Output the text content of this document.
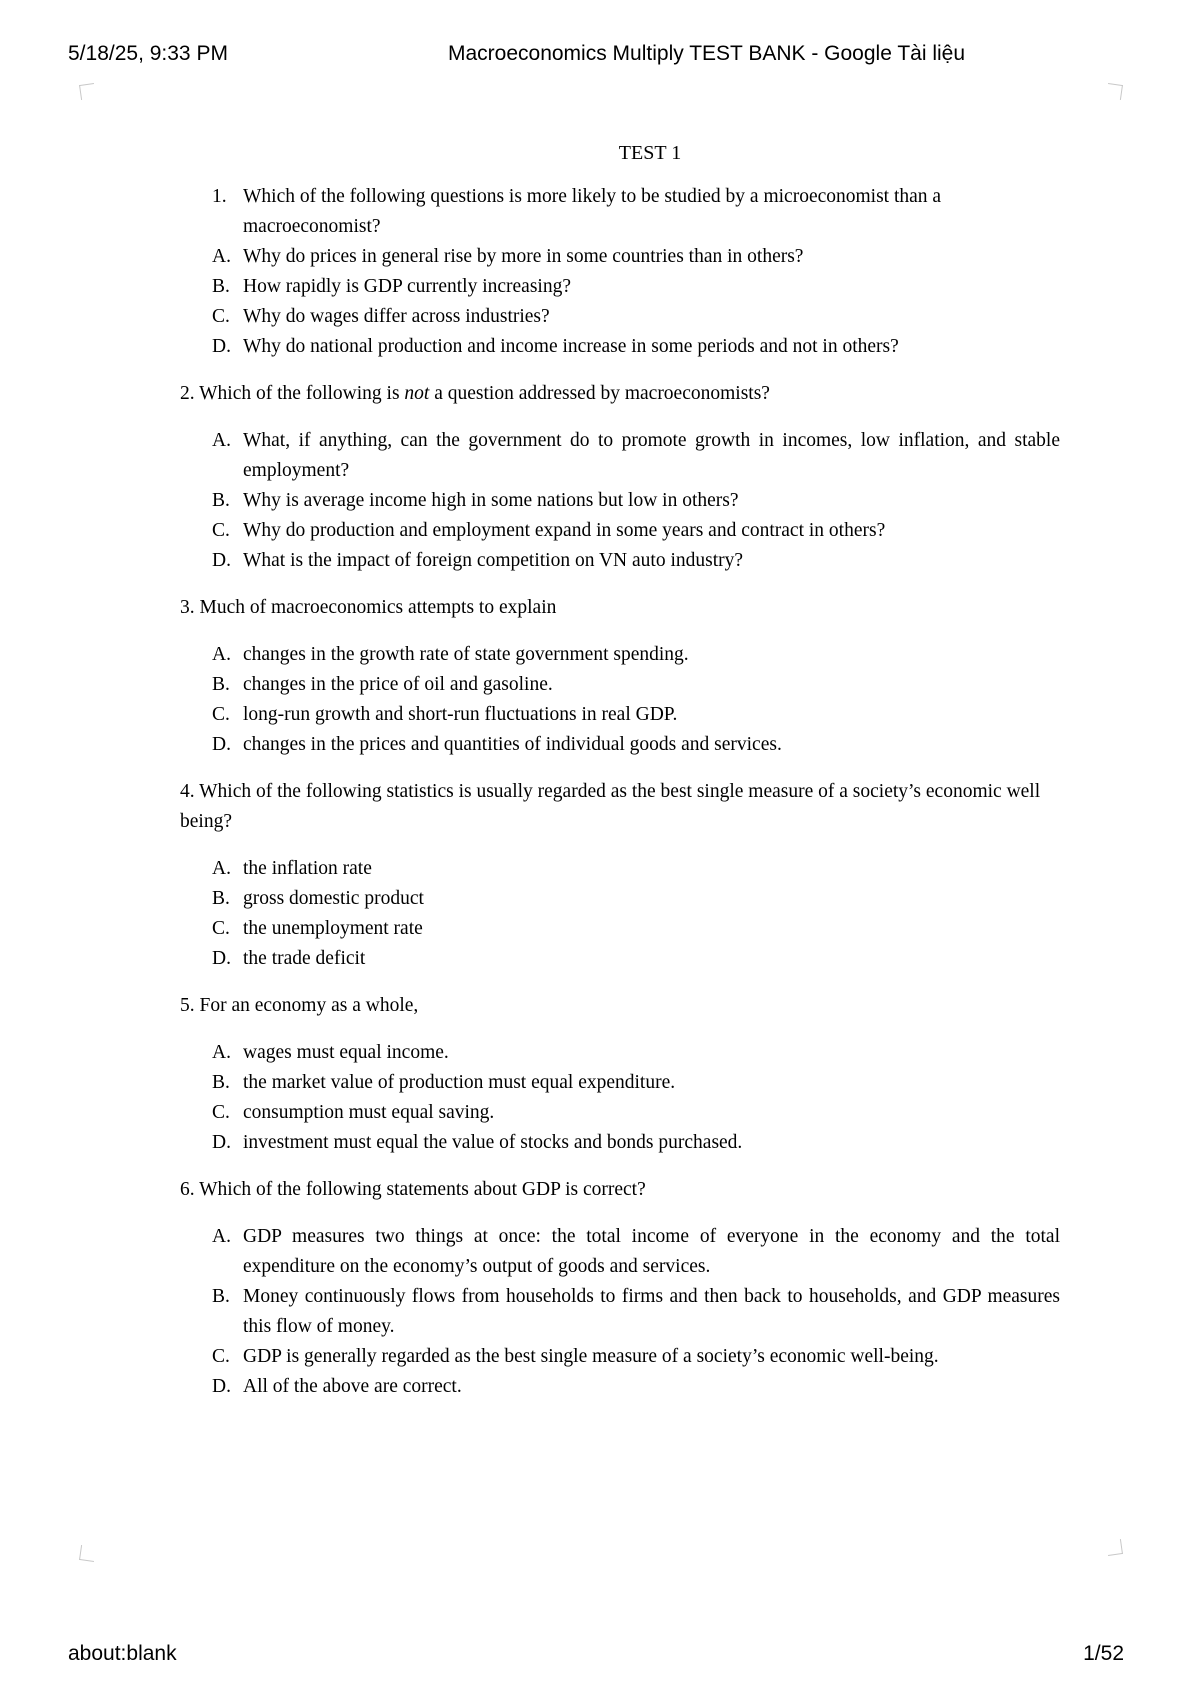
5/18/25, 9:33 PM	Macroeconomics Multiply TEST BANK - Google Tài liệu
TEST 1

1. Which of the following questions is more likely to be studied by a microeconomist than a macroeconomist?

A. Why do prices in general rise by more in some countries than in others?
B. How rapidly is GDP currently increasing?
C. Why do wages differ across industries?
D. Why do national production and income increase in some periods and not in others?

2. Which of the following is not a question addressed by macroeconomists?

A. What, if anything, can the government do to promote growth in incomes, low inflation, and stable employment?
B. Why is average income high in some nations but low in others?
C. Why do production and employment expand in some years and contract in others?
D. What is the impact of foreign competition on VN auto industry?

3. Much of macroeconomics attempts to explain

A. changes in the growth rate of state government spending.
B. changes in the price of oil and gasoline.
C. long-run growth and short-run fluctuations in real GDP.
D. changes in the prices and quantities of individual goods and services.

4. Which of the following statistics is usually regarded as the best single measure of a society’s economic well being?

A. the inflation rate
B. gross domestic product
C. the unemployment rate
D. the trade deficit

5. For an economy as a whole,

A. wages must equal income.
B. the market value of production must equal expenditure.
C. consumption must equal saving.
D. investment must equal the value of stocks and bonds purchased.

6. Which of the following statements about GDP is correct?

A. GDP measures two things at once: the total income of everyone in the economy and the total expenditure on the economy’s output of goods and services.
B. Money continuously flows from households to firms and then back to households, and GDP measures this flow of money.
C. GDP is generally regarded as the best single measure of a society’s economic well-being.
D. All of the above are correct.
about:blank	1/52
